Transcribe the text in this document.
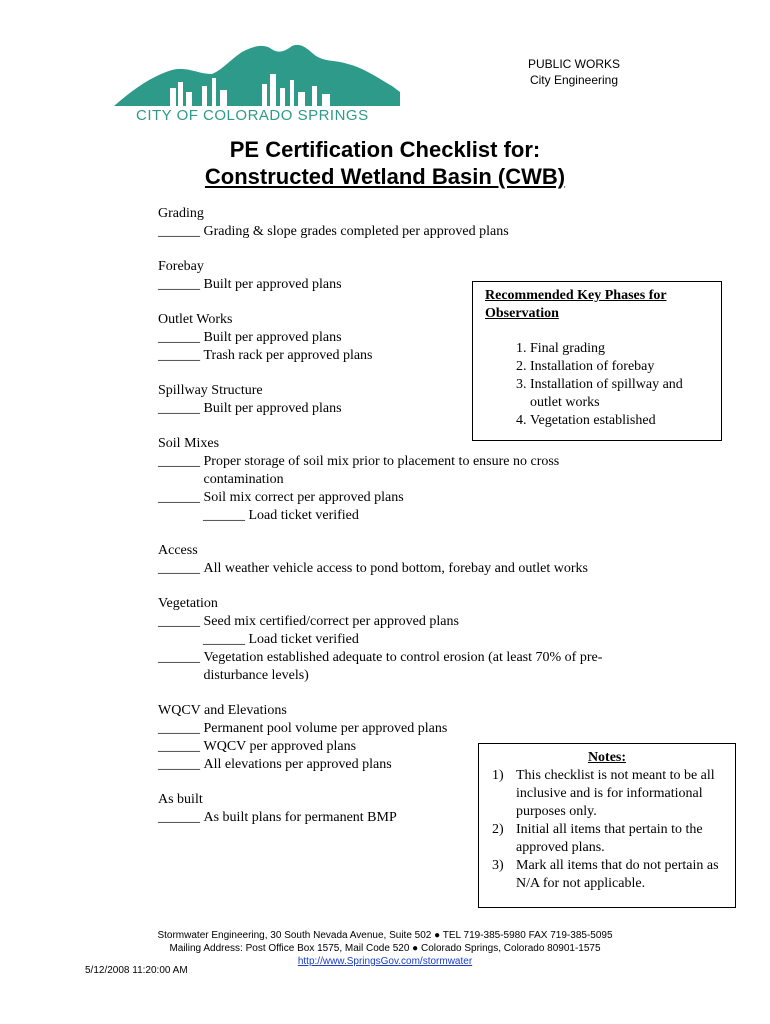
CITY OF COLORADO SPRINGS
PUBLIC WORKS
City Engineering
PE Certification Checklist for:
Constructed Wetland Basin (CWB)
Grading
______ Grading & slope grades completed per approved plans
Forebay
______ Built per approved plans
Outlet Works
______ Built per approved plans
______ Trash rack per approved plans
Spillway Structure
______ Built per approved plans
Soil Mixes
______ Proper storage of soil mix prior to placement to ensure no cross contamination
______ Soil mix correct per approved plans
______ Load ticket verified
Access
______ All weather vehicle access to pond bottom, forebay and outlet works
Vegetation
______ Seed mix certified/correct per approved plans
______ Load ticket verified
______ Vegetation established adequate to control erosion (at least 70% of pre-disturbance levels)
WQCV and Elevations
______ Permanent pool volume per approved plans
______ WQCV per approved plans
______ All elevations per approved plans
As built
______ As built plans for permanent BMP
Recommended Key Phases for Observation
1. Final grading
2. Installation of forebay
3. Installation of spillway and outlet works
4. Vegetation established
Notes:
1) This checklist is not meant to be all inclusive and is for informational purposes only.
2) Initial all items that pertain to the approved plans.
3) Mark all items that do not pertain as N/A for not applicable.
Stormwater Engineering, 30 South Nevada Avenue, Suite 502 ● TEL 719-385-5980 FAX 719-385-5095
Mailing Address: Post Office Box 1575, Mail Code 520 ● Colorado Springs, Colorado 80901-1575
http://www.SpringsGov.com/stormwater
5/12/2008 11:20:00 AM
